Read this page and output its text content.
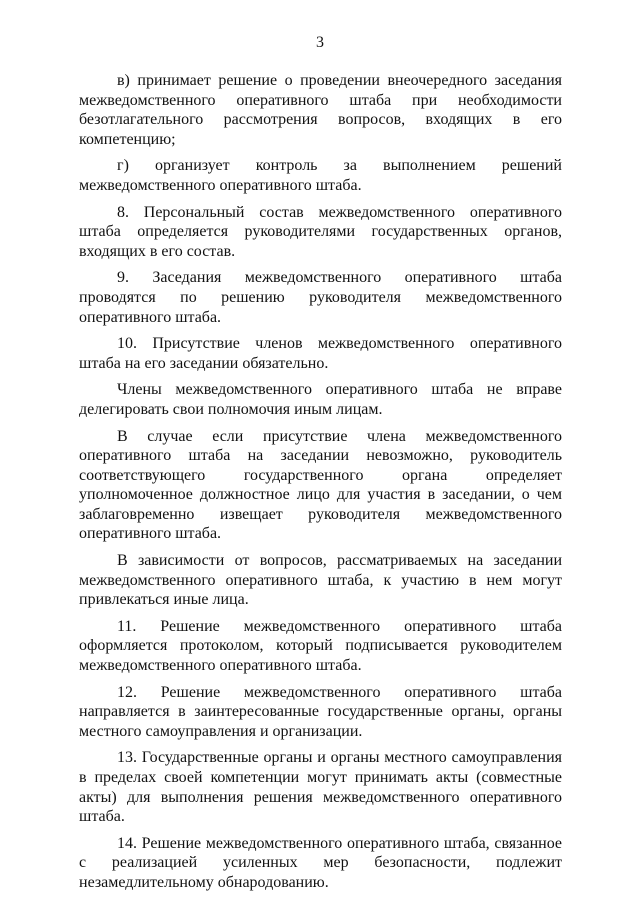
3

в) принимает решение о проведении внеочередного заседания межведомственного оперативного штаба при необходимости безотлагательного рассмотрения вопросов, входящих в его компетенцию;

г) организует контроль за выполнением решений межведомственного оперативного штаба.

8. Персональный состав межведомственного оперативного штаба определяется руководителями государственных органов, входящих в его состав.

9. Заседания межведомственного оперативного штаба проводятся по решению руководителя межведомственного оперативного штаба.

10. Присутствие членов межведомственного оперативного штаба на его заседании обязательно.

Члены межведомственного оперативного штаба не вправе делегировать свои полномочия иным лицам.

В случае если присутствие члена межведомственного оперативного штаба на заседании невозможно, руководитель соответствующего государственного органа определяет уполномоченное должностное лицо для участия в заседании, о чем заблаговременно извещает руководителя межведомственного оперативного штаба.

В зависимости от вопросов, рассматриваемых на заседании межведомственного оперативного штаба, к участию в нем могут привлекаться иные лица.

11. Решение межведомственного оперативного штаба оформляется протоколом, который подписывается руководителем межведомственного оперативного штаба.

12. Решение межведомственного оперативного штаба направляется в заинтересованные государственные органы, органы местного самоуправления и организации.

13. Государственные органы и органы местного самоуправления в пределах своей компетенции могут принимать акты (совместные акты) для выполнения решения межведомственного оперативного штаба.

14. Решение межведомственного оперативного штаба, связанное с реализацией усиленных мер безопасности, подлежит незамедлительному обнародованию.
